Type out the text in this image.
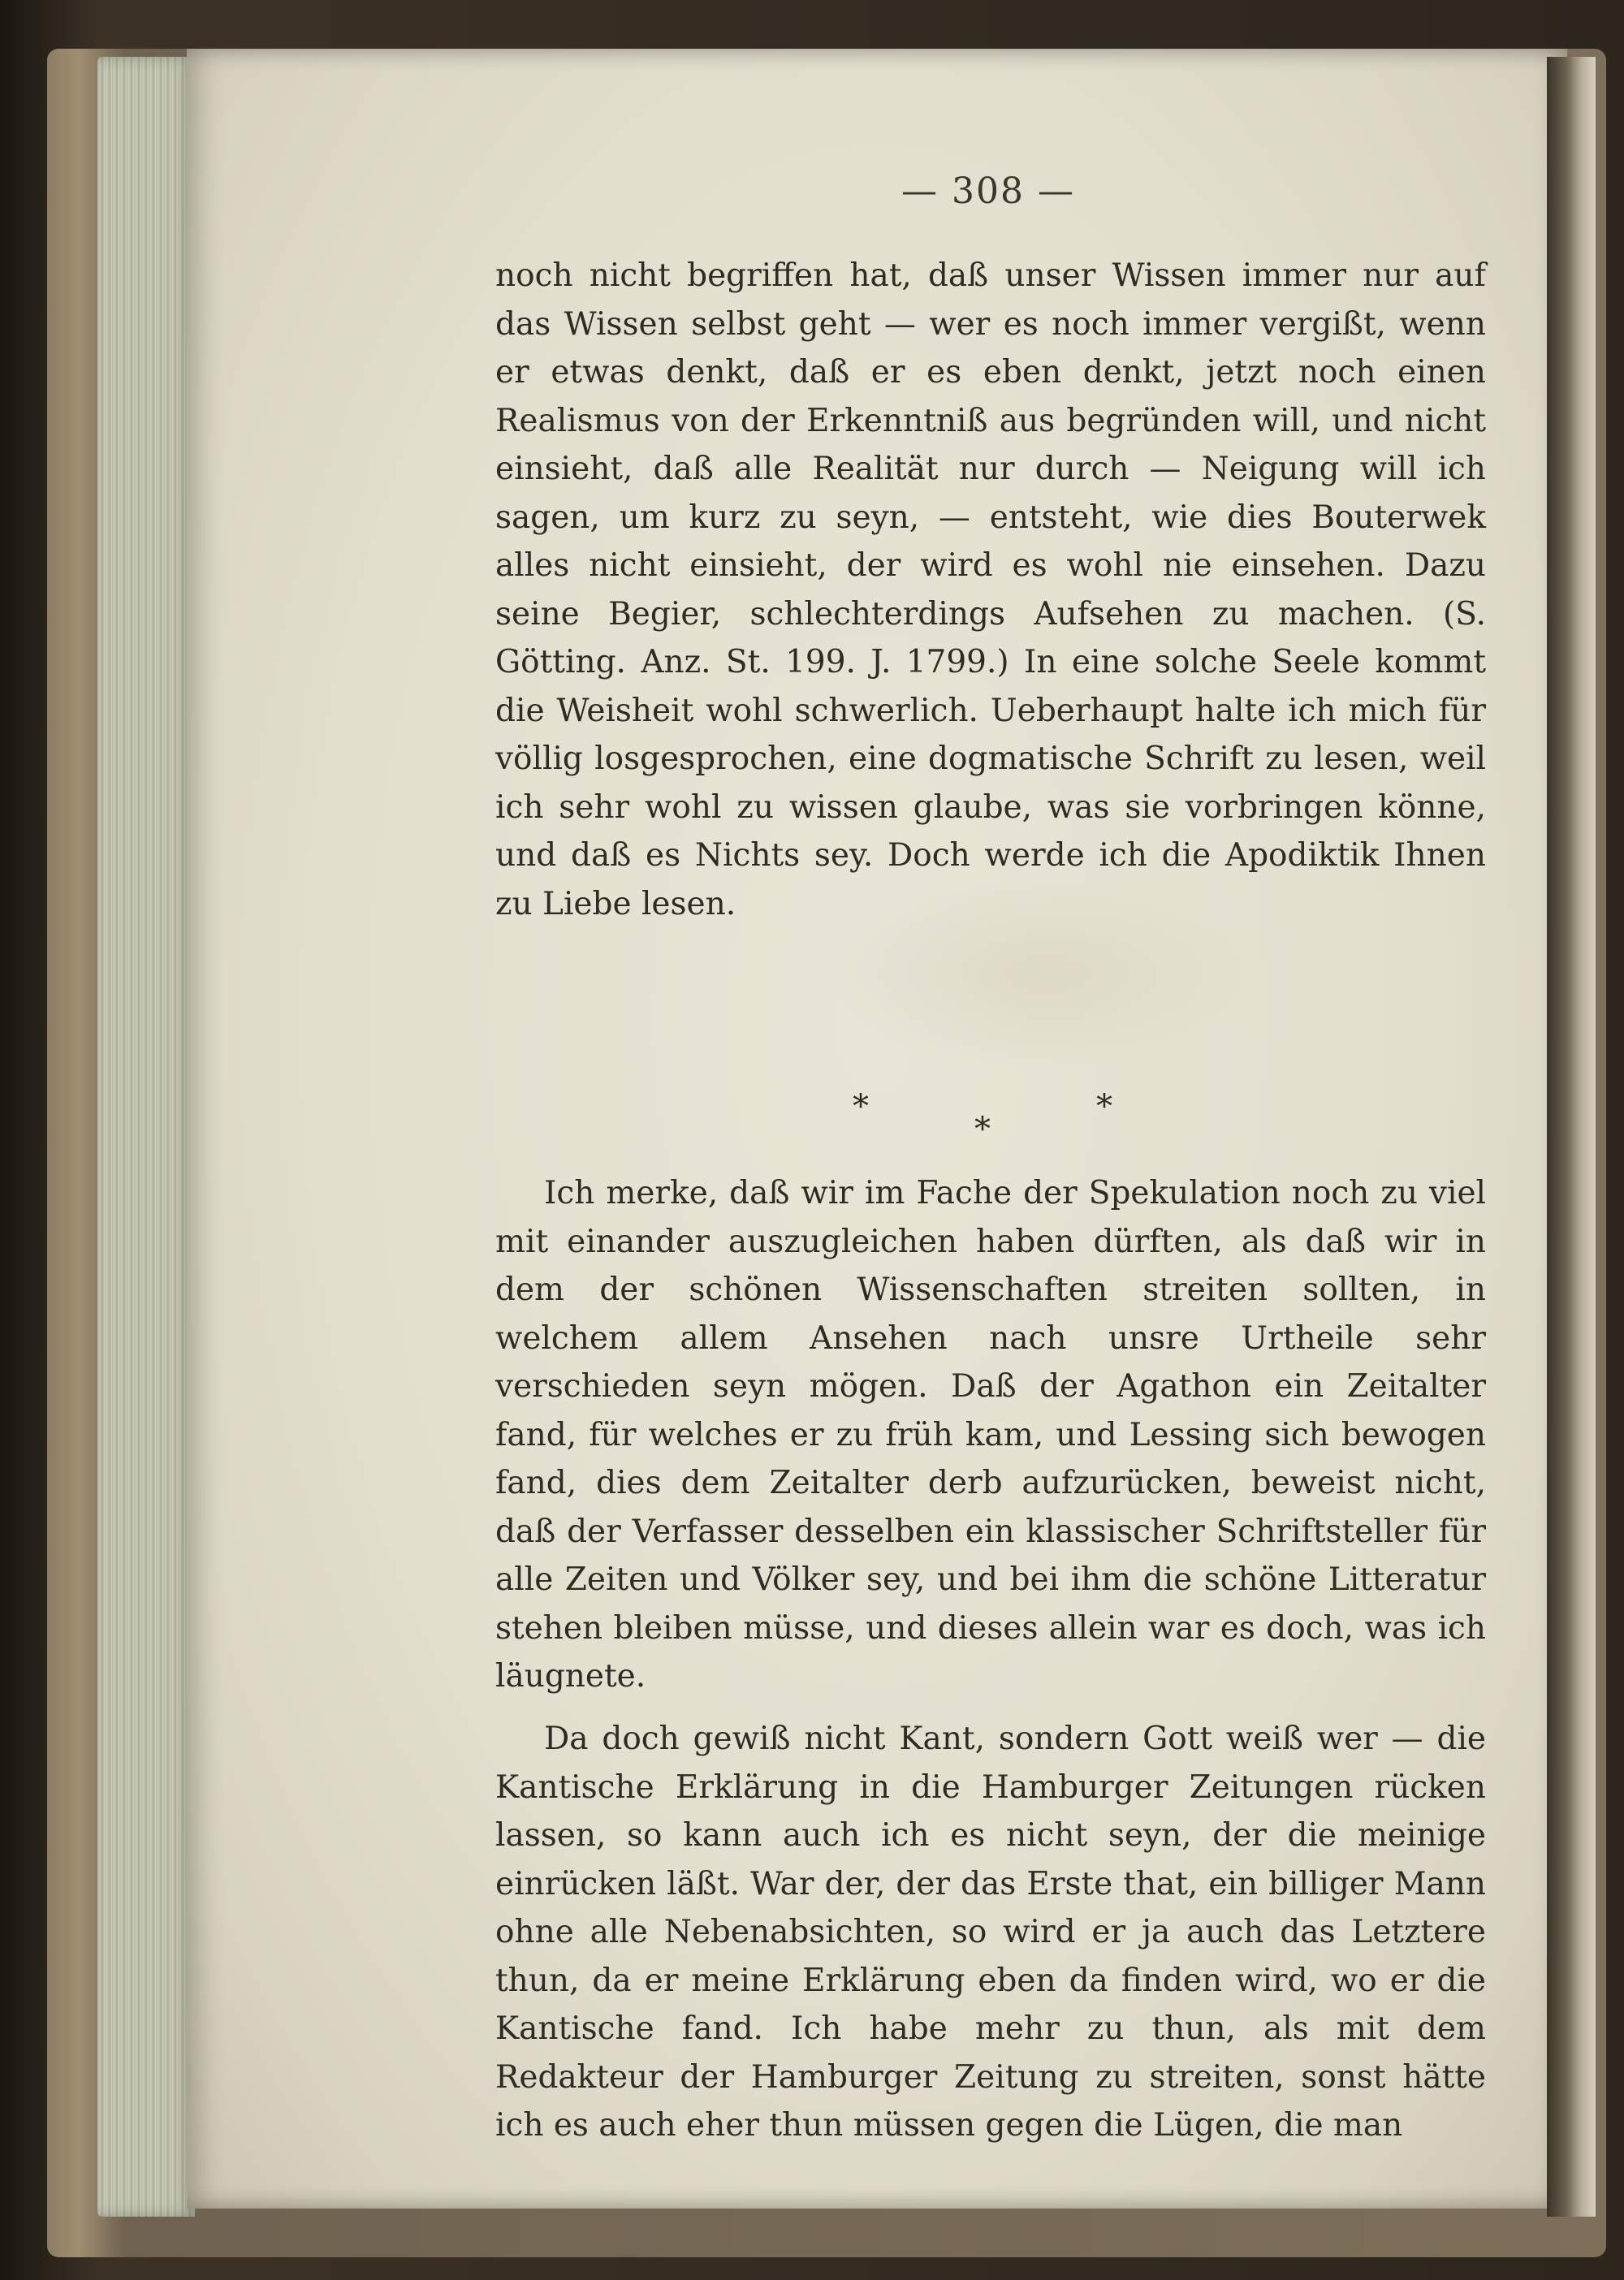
— 308 —

noch nicht begriffen hat, daß unser Wissen immer nur auf das Wissen selbst geht — wer es noch immer vergißt, wenn er etwas denkt, daß er es eben denkt, jetzt noch einen Realismus von der Erkenntniß aus begründen will, und nicht einsieht, daß alle Realität nur durch — Neigung will ich sagen, um kurz zu seyn, — entsteht, wie dies Bouterwek alles nicht einsieht, der wird es wohl nie einsehen. Dazu seine Begier, schlechterdings Aufsehen zu machen. (S. Götting. Anz. St. 199. J. 1799.) In eine solche Seele kommt die Weisheit wohl schwerlich. Ueberhaupt halte ich mich für völlig losgesprochen, eine dogmatische Schrift zu lesen, weil ich sehr wohl zu wissen glaube, was sie vorbringen könne, und daß es Nichts sey. Doch werde ich die Apodiktik Ihnen zu Liebe lesen.

*
*
*

Ich merke, daß wir im Fache der Spekulation noch zu viel mit einander auszugleichen haben dürften, als daß wir in dem der schönen Wissenschaften streiten sollten, in welchem allem Ansehen nach unsre Urtheile sehr verschieden seyn mögen. Daß der Agathon ein Zeitalter fand, für welches er zu früh kam, und Lessing sich bewogen fand, dies dem Zeitalter derb aufzurücken, beweist nicht, daß der Verfasser desselben ein klassischer Schriftsteller für alle Zeiten und Völker sey, und bei ihm die schöne Litteratur stehen bleiben müsse, und dieses allein war es doch, was ich läugnete.

Da doch gewiß nicht Kant, sondern Gott weiß wer — die Kantische Erklärung in die Hamburger Zeitungen rücken lassen, so kann auch ich es nicht seyn, der die meinige einrücken läßt. War der, der das Erste that, ein billiger Mann ohne alle Nebenabsichten, so wird er ja auch das Letztere thun, da er meine Erklärung eben da finden wird, wo er die Kantische fand. Ich habe mehr zu thun, als mit dem Redakteur der Hamburger Zeitung zu streiten, sonst hätte ich es auch eher thun müssen gegen die Lügen, die man
